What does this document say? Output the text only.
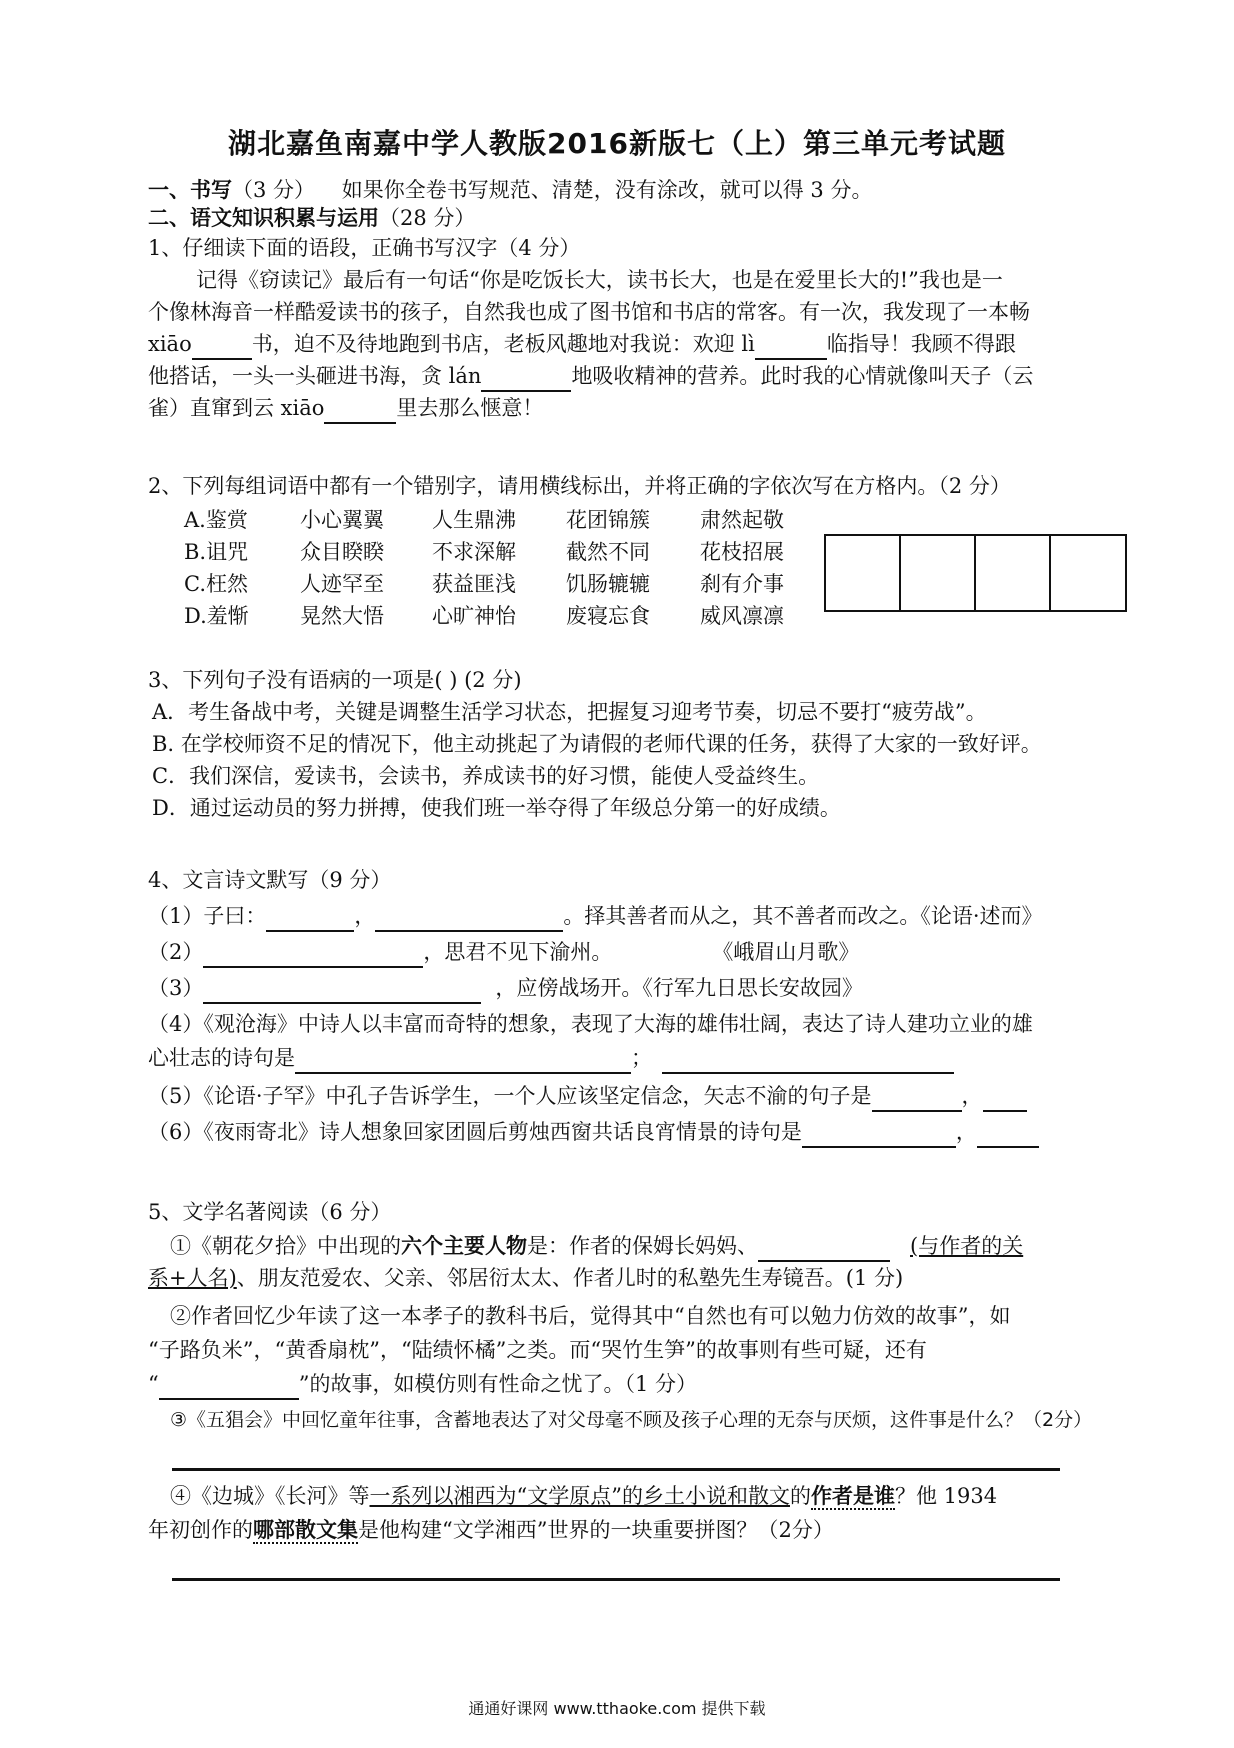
湖北嘉鱼南嘉中学人教版2016新版七（上）第三单元考试题
一、书写（3 分） 如果你全卷书写规范、清楚，没有涂改，就可以得 3 分。
二、语文知识积累与运用（28 分）
1、仔细读下面的语段，正确书写汉字（4 分）
记得《窃读记》最后有一句话“你是吃饭长大，读书长大，也是在爱里长大的!”我也是一
个像林海音一样酷爱读书的孩子，自然我也成了图书馆和书店的常客。有一次，我发现了一本畅
xiāo	书，迫不及待地跑到书店，老板风趣地对我说：欢迎 lì	临指导！我顾不得跟
他搭话，一头一头砸进书海，贪 lán	地吸收精神的营养。此时我的心情就像叫天子（云
雀）直窜到云 xiāo	里去那么惬意！
2、下列每组词语中都有一个错别字，请用横线标出，并将正确的字依次写在方格内。（2 分）
A.鉴赏 小心翼翼 人生鼎沸 花团锦簇 肃然起敬
B.诅咒 众目睽睽 不求深解 截然不同 花枝招展
C.枉然 人迹罕至 获益匪浅 饥肠辘辘 刹有介事
D.羞惭 晃然大悟 心旷神怡 废寝忘食 威风凛凛
3、下列句子没有语病的一项是( ) (2 分)
A．考生备战中考，关键是调整生活学习状态，把握复习迎考节奏，切忌不要打“疲劳战”。
B. 在学校师资不足的情况下，他主动挑起了为请假的老师代课的任务，获得了大家的一致好评。
C．我们深信，爱读书，会读书，养成读书的好习惯，能使人受益终生。
D．通过运动员的努力拼搏，使我们班一举夺得了年级总分第一的好成绩。
4、文言诗文默写（9 分）
（1）子曰：	，	。择其善者而从之，其不善者而改之。《论语·述而》
（2）	，思君不见下渝州。	《峨眉山月歌》
（3）	，应傍战场开。《行军九日思长安故园》
（4）《观沧海》中诗人以丰富而奇特的想象，表现了大海的雄伟壮阔，表达了诗人建功立业的雄
心壮志的诗句是	；
（5）《论语·子罕》中孔子告诉学生，一个人应该坚定信念，矢志不渝的句子是	，
（6）《夜雨寄北》诗人想象回家团圆后剪烛西窗共话良宵情景的诗句是	，
5、文学名著阅读（6 分）
①《朝花夕拾》中出现的六个主要人物是：作者的保姆长妈妈、	(与作者的关
系+人名)、朋友范爱农、父亲、邻居衍太太、作者儿时的私塾先生寿镜吾。(1 分)
②作者回忆少年读了这一本孝子的教科书后，觉得其中“自然也有可以勉力仿效的故事”，如
“子路负米”，“黄香扇枕”，“陆绩怀橘”之类。而“哭竹生笋”的故事则有些可疑，还有
“	”的故事，如模仿则有性命之忧了。（1 分）
③《五猖会》中回忆童年往事，含蓄地表达了对父母毫不顾及孩子心理的无奈与厌烦，这件事是什么？（2分）
④《边城》《长河》等一系列以湘西为“文学原点”的乡土小说和散文的作者是谁？他 1934
年初创作的哪部散文集是他构建“文学湘西”世界的一块重要拼图？（2分）
通通好课网 www.tthaoke.com 提供下载
